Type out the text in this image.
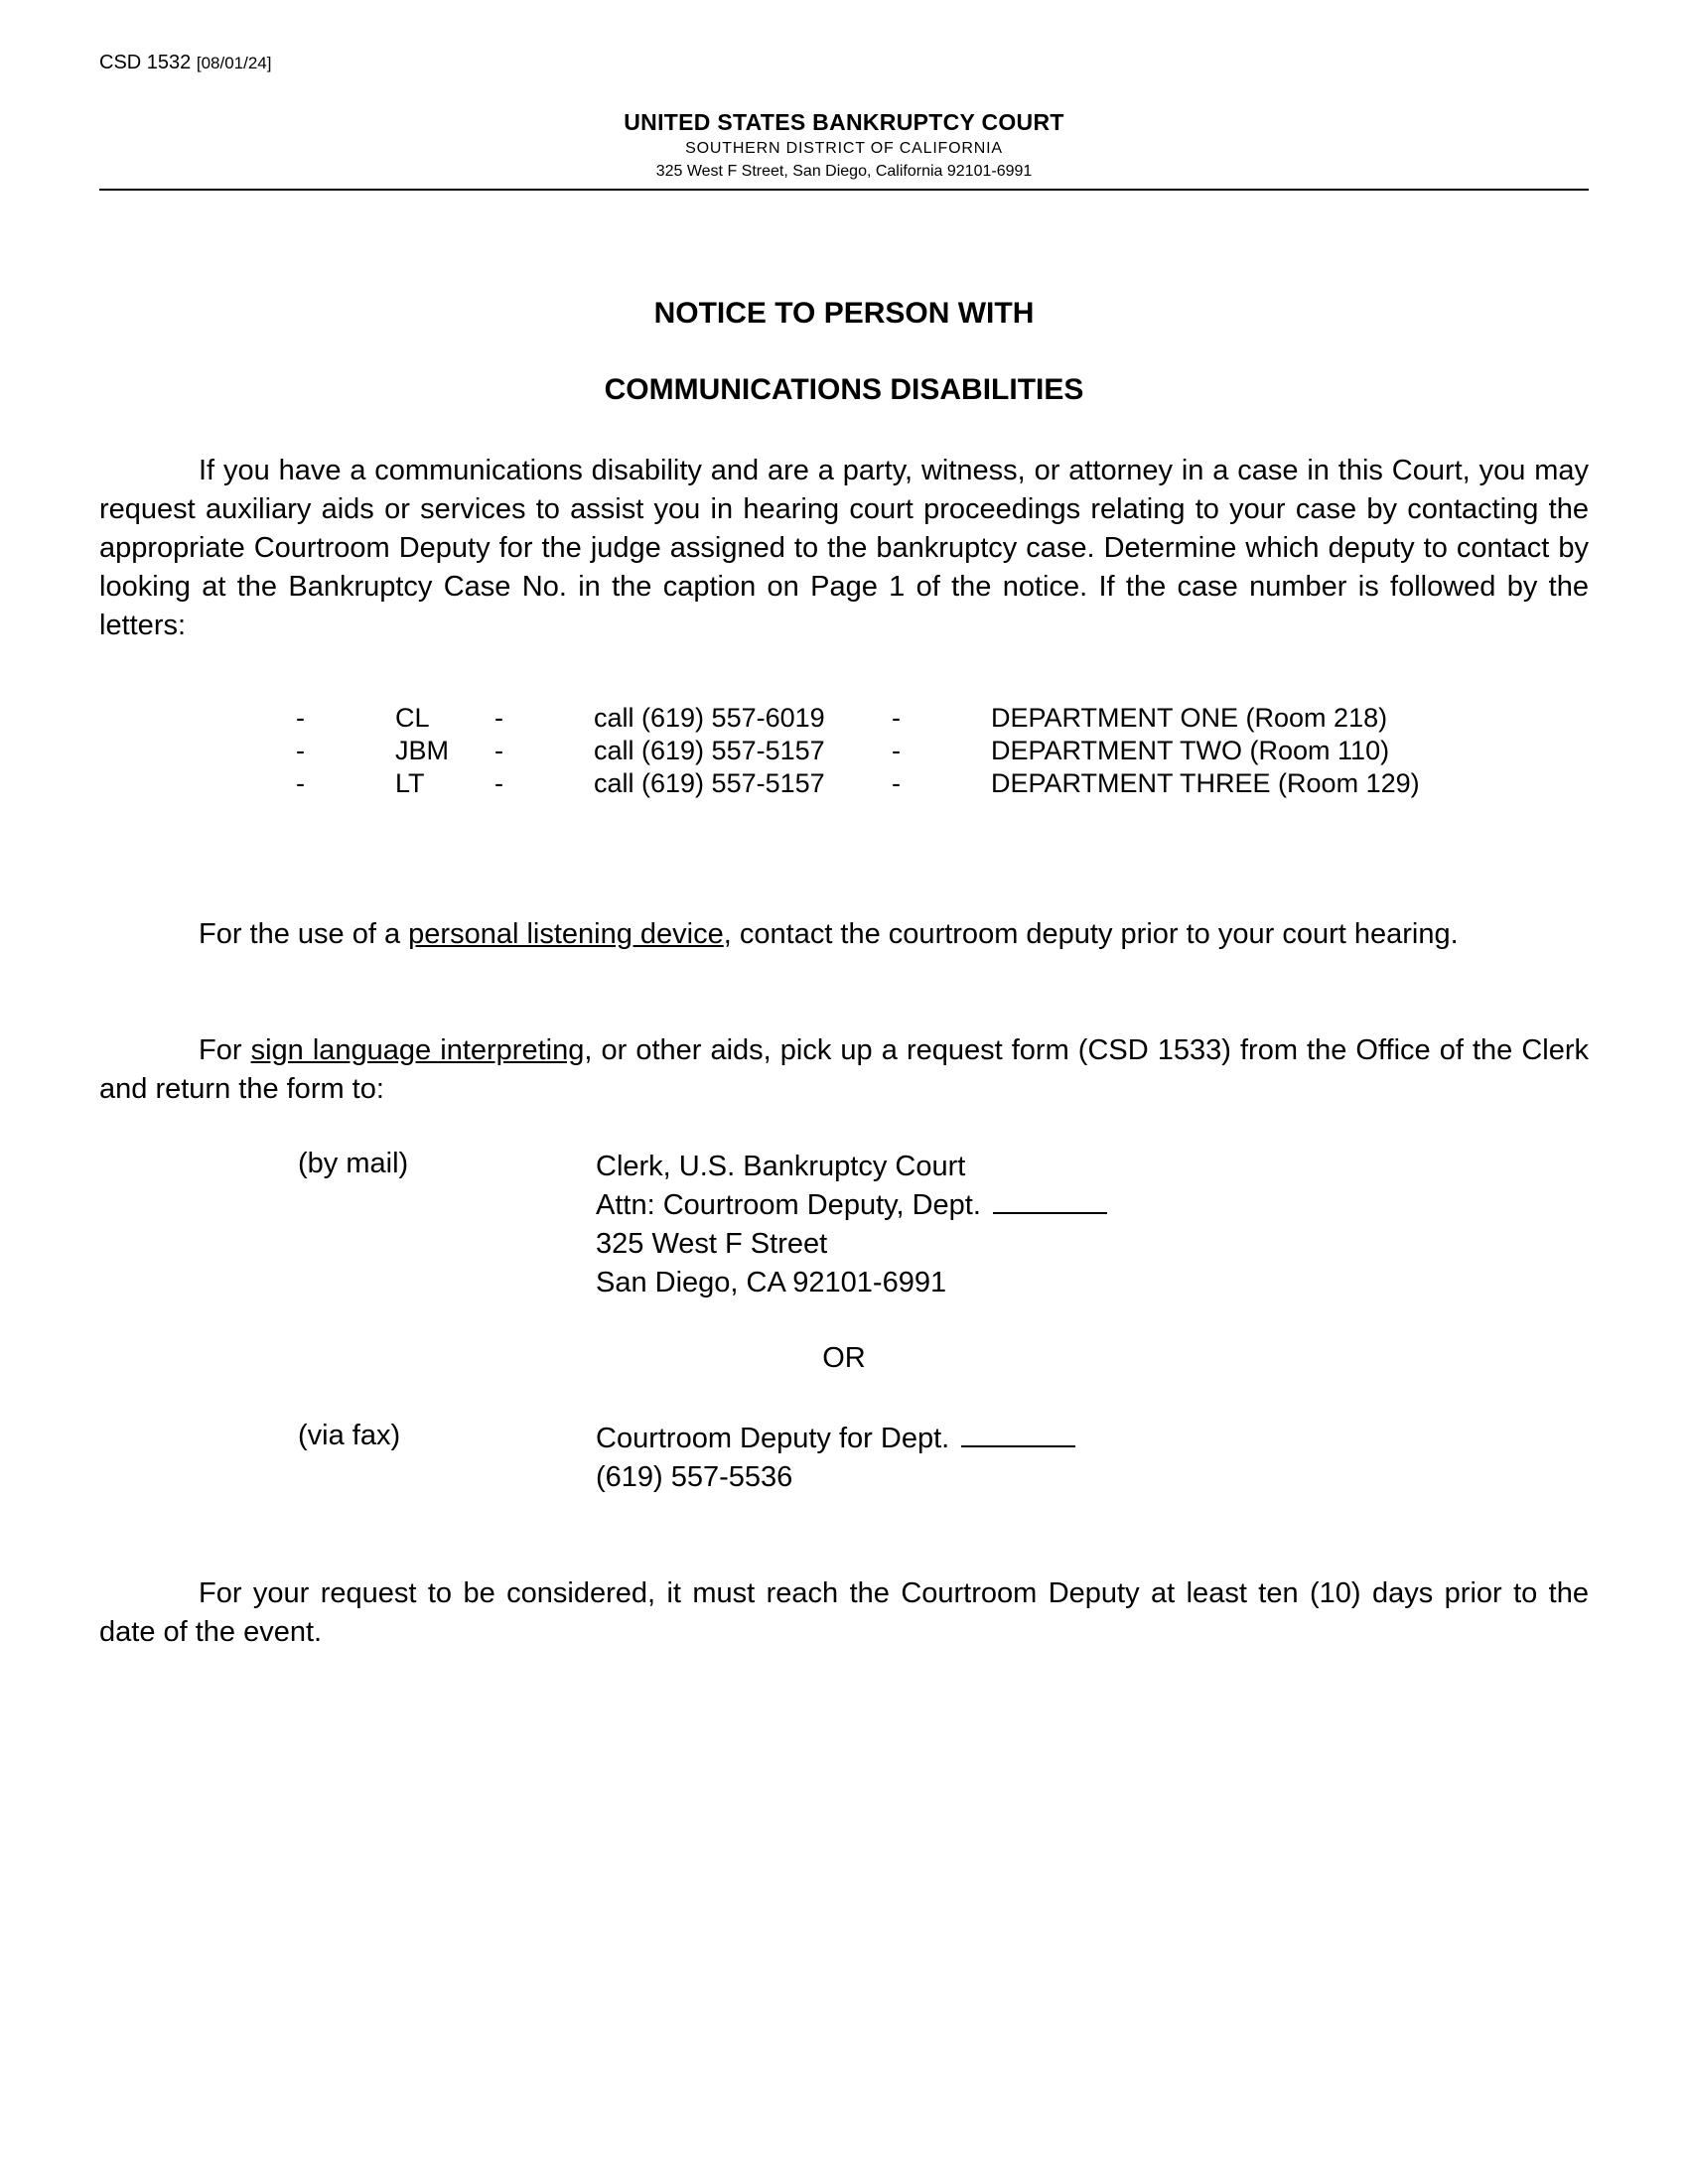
CSD 1532 [08/01/24]
UNITED STATES BANKRUPTCY COURT
SOUTHERN DISTRICT OF CALIFORNIA
325 West F Street, San Diego, California 92101-6991
NOTICE TO PERSON WITH
COMMUNICATIONS DISABILITIES
If you have a communications disability and are a party, witness, or attorney in a case in this Court, you may request auxiliary aids or services to assist you in hearing court proceedings relating to your case by contacting the appropriate Courtroom Deputy for the judge assigned to the bankruptcy case. Determine which deputy to contact by looking at the Bankruptcy Case No. in the caption on Page 1 of the notice. If the case number is followed by the letters:
-	CL -	call (619) 557-6019 -	DEPARTMENT ONE (Room 218)
-	JBM -	call (619) 557-5157 -	DEPARTMENT TWO (Room 110)
-	LT	-	call (619) 557-5157 -	DEPARTMENT THREE (Room 129)
For the use of a personal listening device, contact the courtroom deputy prior to your court hearing.
For sign language interpreting, or other aids, pick up a request form (CSD 1533) from the Office of the Clerk and return the form to:
(by mail)	Clerk, U.S. Bankruptcy Court
Attn: Courtroom Deputy, Dept.
325 West F Street
San Diego, CA 92101-6991
OR
(via fax)	Courtroom Deputy for Dept.
(619) 557-5536
For your request to be considered, it must reach the Courtroom Deputy at least ten (10) days prior to the date of the event.
